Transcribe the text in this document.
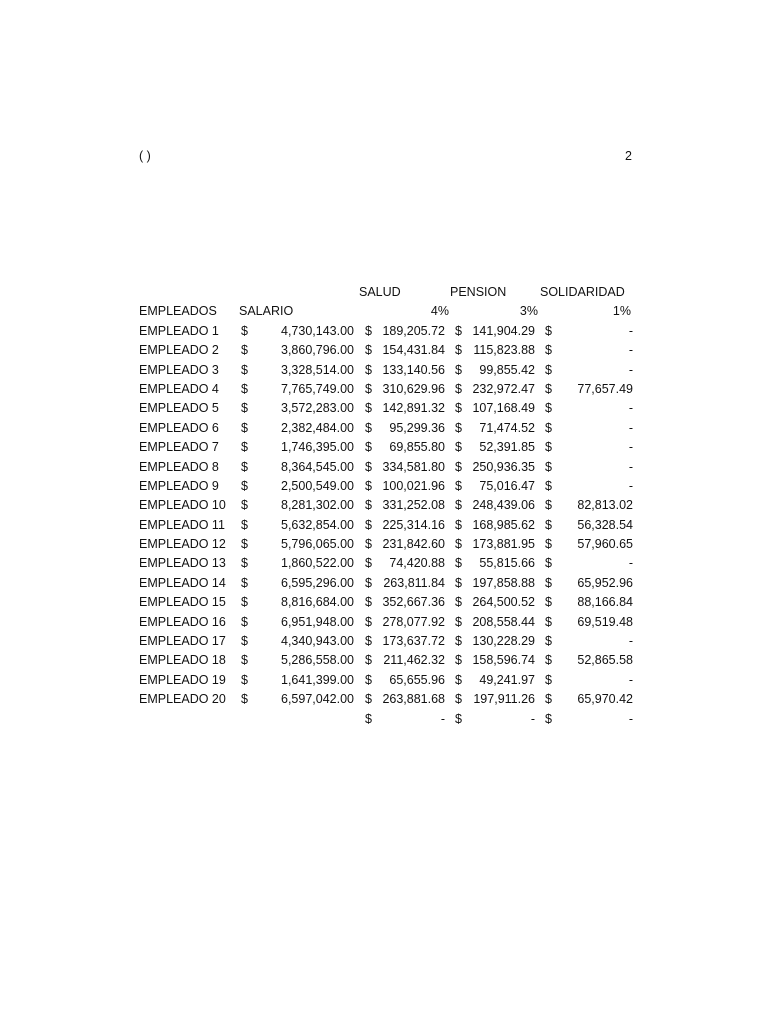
( )	2
SALUD	PENSION	SOLIDARIDAD
EMPLEADOS SALARIO	4%	3%	1%
EMPLEADO 1 $	4,730,143.00 $ 189,205.72 $ 141,904.29 $	-
EMPLEADO 2 $	3,860,796.00 $ 154,431.84 $ 115,823.88 $	-
EMPLEADO 3 $	3,328,514.00 $ 133,140.56 $	99,855.42 $	-
EMPLEADO 4 $	7,765,749.00 $ 310,629.96 $ 232,972.47 $	77,657.49
EMPLEADO 5 $	3,572,283.00 $ 142,891.32 $ 107,168.49 $	-
EMPLEADO 6 $	2,382,484.00 $	95,299.36 $	71,474.52 $	-
EMPLEADO 7 $	1,746,395.00 $	69,855.80 $	52,391.85 $	-
EMPLEADO 8 $	8,364,545.00 $ 334,581.80 $ 250,936.35 $	-
EMPLEADO 9 $	2,500,549.00 $ 100,021.96 $	75,016.47 $	-
EMPLEADO 10 $	8,281,302.00 $ 331,252.08 $ 248,439.06 $	82,813.02
EMPLEADO 11 $	5,632,854.00 $ 225,314.16 $ 168,985.62 $	56,328.54
EMPLEADO 12 $	5,796,065.00 $ 231,842.60 $ 173,881.95 $	57,960.65
EMPLEADO 13 $	1,860,522.00 $	74,420.88 $	55,815.66 $	-
EMPLEADO 14 $	6,595,296.00 $ 263,811.84 $ 197,858.88 $	65,952.96
EMPLEADO 15 $	8,816,684.00 $ 352,667.36 $ 264,500.52 $	88,166.84
EMPLEADO 16 $	6,951,948.00 $ 278,077.92 $ 208,558.44 $	69,519.48
EMPLEADO 17 $	4,340,943.00 $ 173,637.72 $ 130,228.29 $	-
EMPLEADO 18 $	5,286,558.00 $ 211,462.32 $ 158,596.74 $	52,865.58
EMPLEADO 19 $	1,641,399.00 $	65,655.96 $	49,241.97 $	-
EMPLEADO 20 $	6,597,042.00 $ 263,881.68 $ 197,911.26 $	65,970.42
$	- $	- $	-
